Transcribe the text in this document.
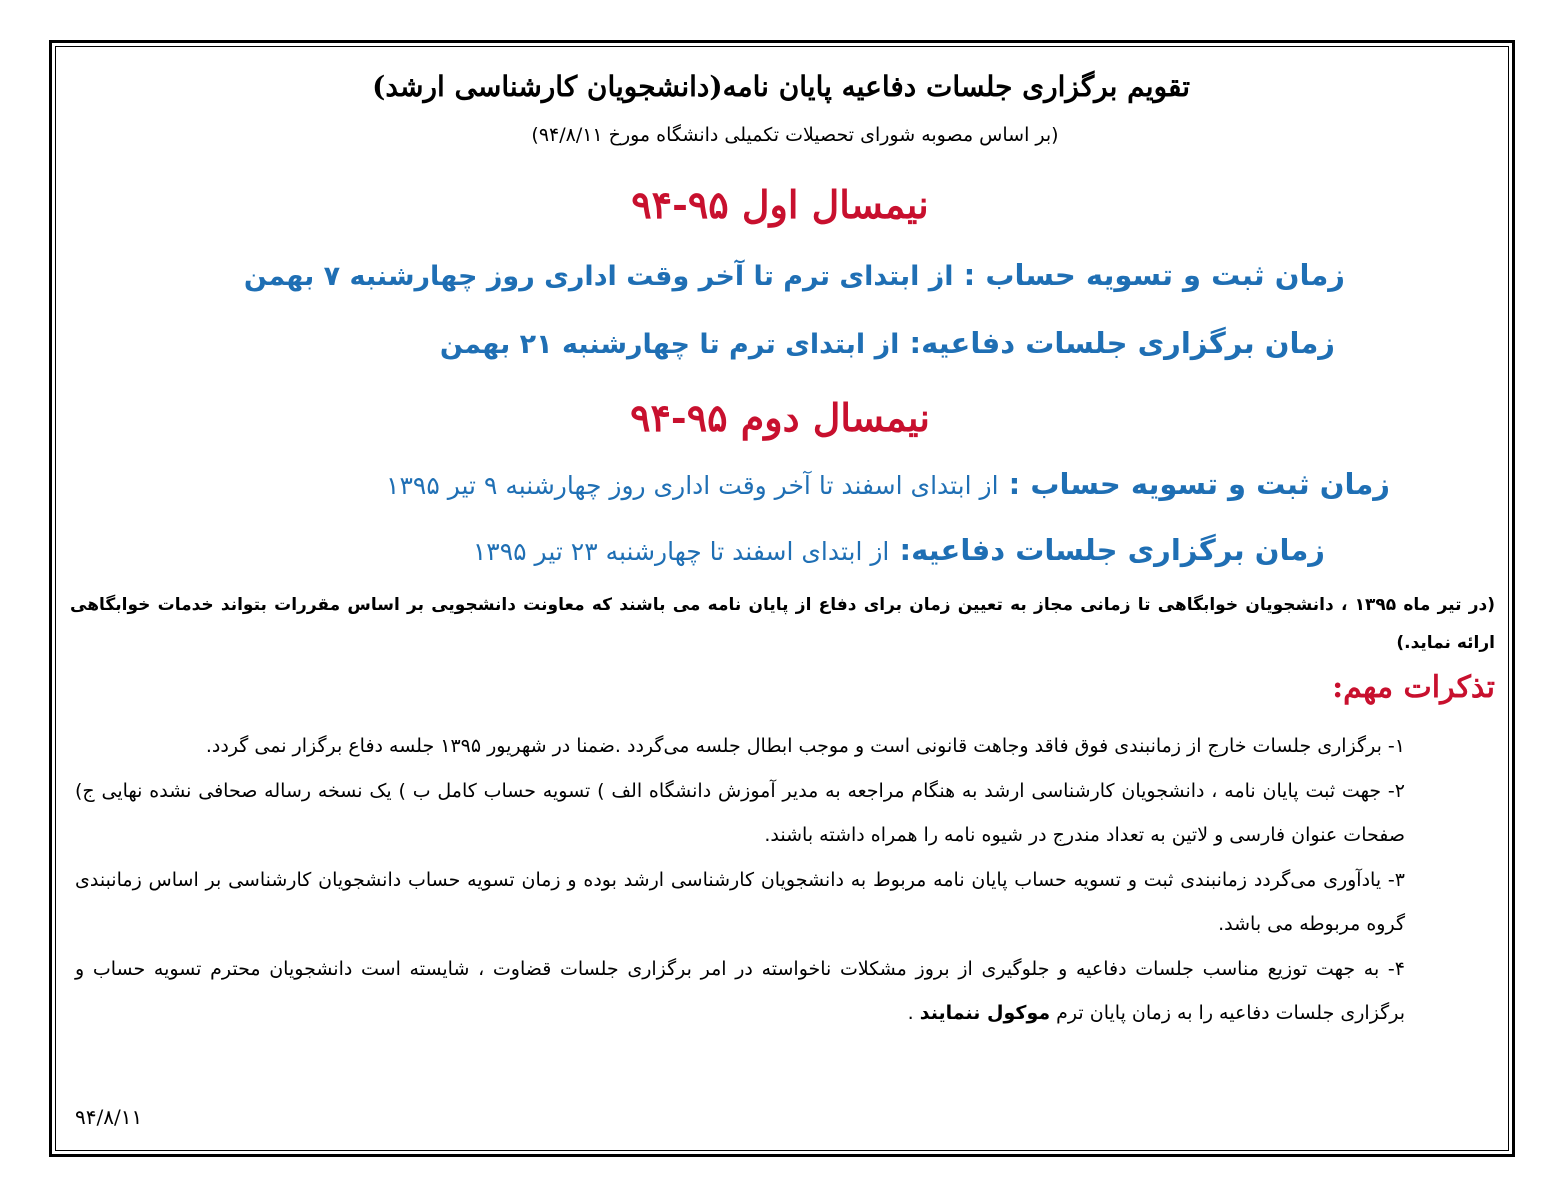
تقویم برگزاری جلسات دفاعیه پایان نامه(دانشجویان کارشناسی ارشد)

(بر اساس مصوبه شورای تحصیلات تکمیلی دانشگاه مورخ ۹۴/۸/۱۱)

نیمسال اول ۹۵-۹۴

زمان ثبت و تسویه حساب : از ابتدای ترم تا آخر وقت اداری روز چهارشنبه ۷ بهمن

زمان برگزاری جلسات دفاعیه: از ابتدای ترم تا چهارشنبه ۲۱ بهمن

نیمسال دوم ۹۵-۹۴

زمان ثبت و تسویه حساب : از ابتدای اسفند تا آخر وقت اداری روز چهارشنبه ۹ تیر ۱۳۹۵

زمان برگزاری جلسات دفاعیه: از ابتدای اسفند تا چهارشنبه ۲۳ تیر ۱۳۹۵

(در تیر ماه ۱۳۹۵ ، دانشجویان خوابگاهی تا زمانی مجاز به تعیین زمان برای دفاع از پایان نامه می باشند که معاونت دانشجویی بر اساس مقررات بتواند خدمات خوابگاهی ارائه نماید.)

تذکرات مهم:
۱- برگزاری جلسات خارج از زمانبندی فوق فاقد وجاهت قانونی است و موجب ابطال جلسه می‌گردد .ضمنا در شهریور ۱۳۹۵ جلسه دفاع برگزار نمی گردد.
۲- جهت ثبت پایان نامه ، دانشجویان کارشناسی ارشد به هنگام مراجعه به مدیر آموزش دانشگاه الف ) تسویه حساب کامل ب ) یک نسخه رساله صحافی نشده نهایی ج) صفحات عنوان فارسی و لاتین به تعداد مندرج در شیوه نامه را همراه داشته باشند.
۳- یادآوری می‌گردد زمانبندی ثبت و تسویه حساب پایان نامه مربوط به دانشجویان کارشناسی ارشد بوده و زمان تسویه حساب دانشجویان کارشناسی بر اساس زمانبندی گروه مربوطه می باشد.
۴- به جهت توزیع مناسب جلسات دفاعیه و جلوگیری از بروز مشکلات ناخواسته در امر برگزاری جلسات قضاوت ، شایسته است دانشجویان محترم تسویه حساب و برگزاری جلسات دفاعیه را به زمان پایان ترم موکول ننمایند .

۹۴/۸/۱۱
